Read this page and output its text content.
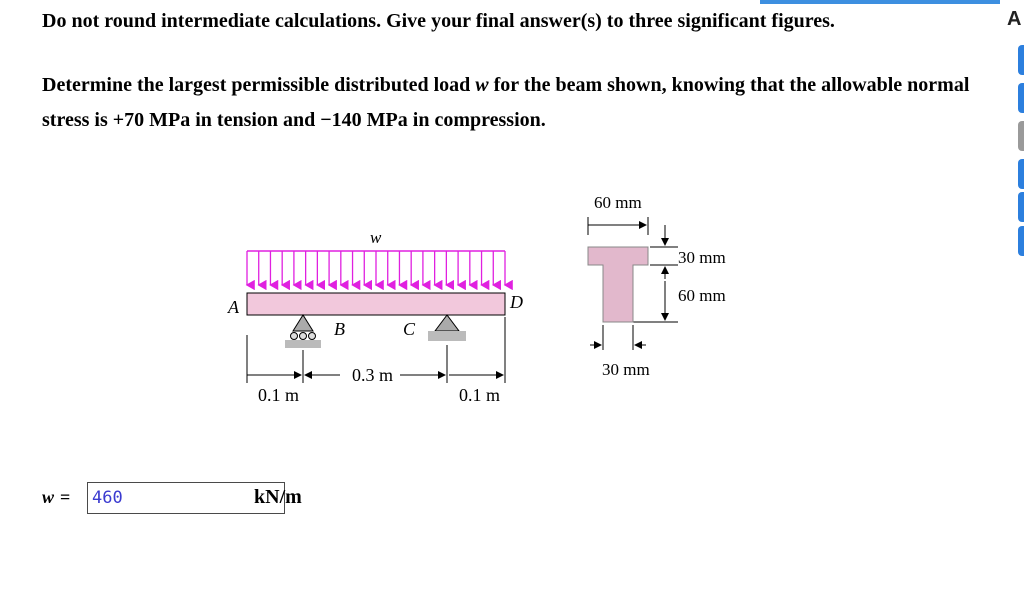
Do not round intermediate calculations. Give your final answer(s) to three significant figures.	A
Determine the largest permissible distributed load w for the beam shown, knowing that the allowable normal stress is +70 MPa in tension and −140 MPa in compression.
w
A	D
B	C
0.1 m
0.3 m
0.1 m
60 mm
30 mm
60 mm
30 mm
w =
460	kN/m
